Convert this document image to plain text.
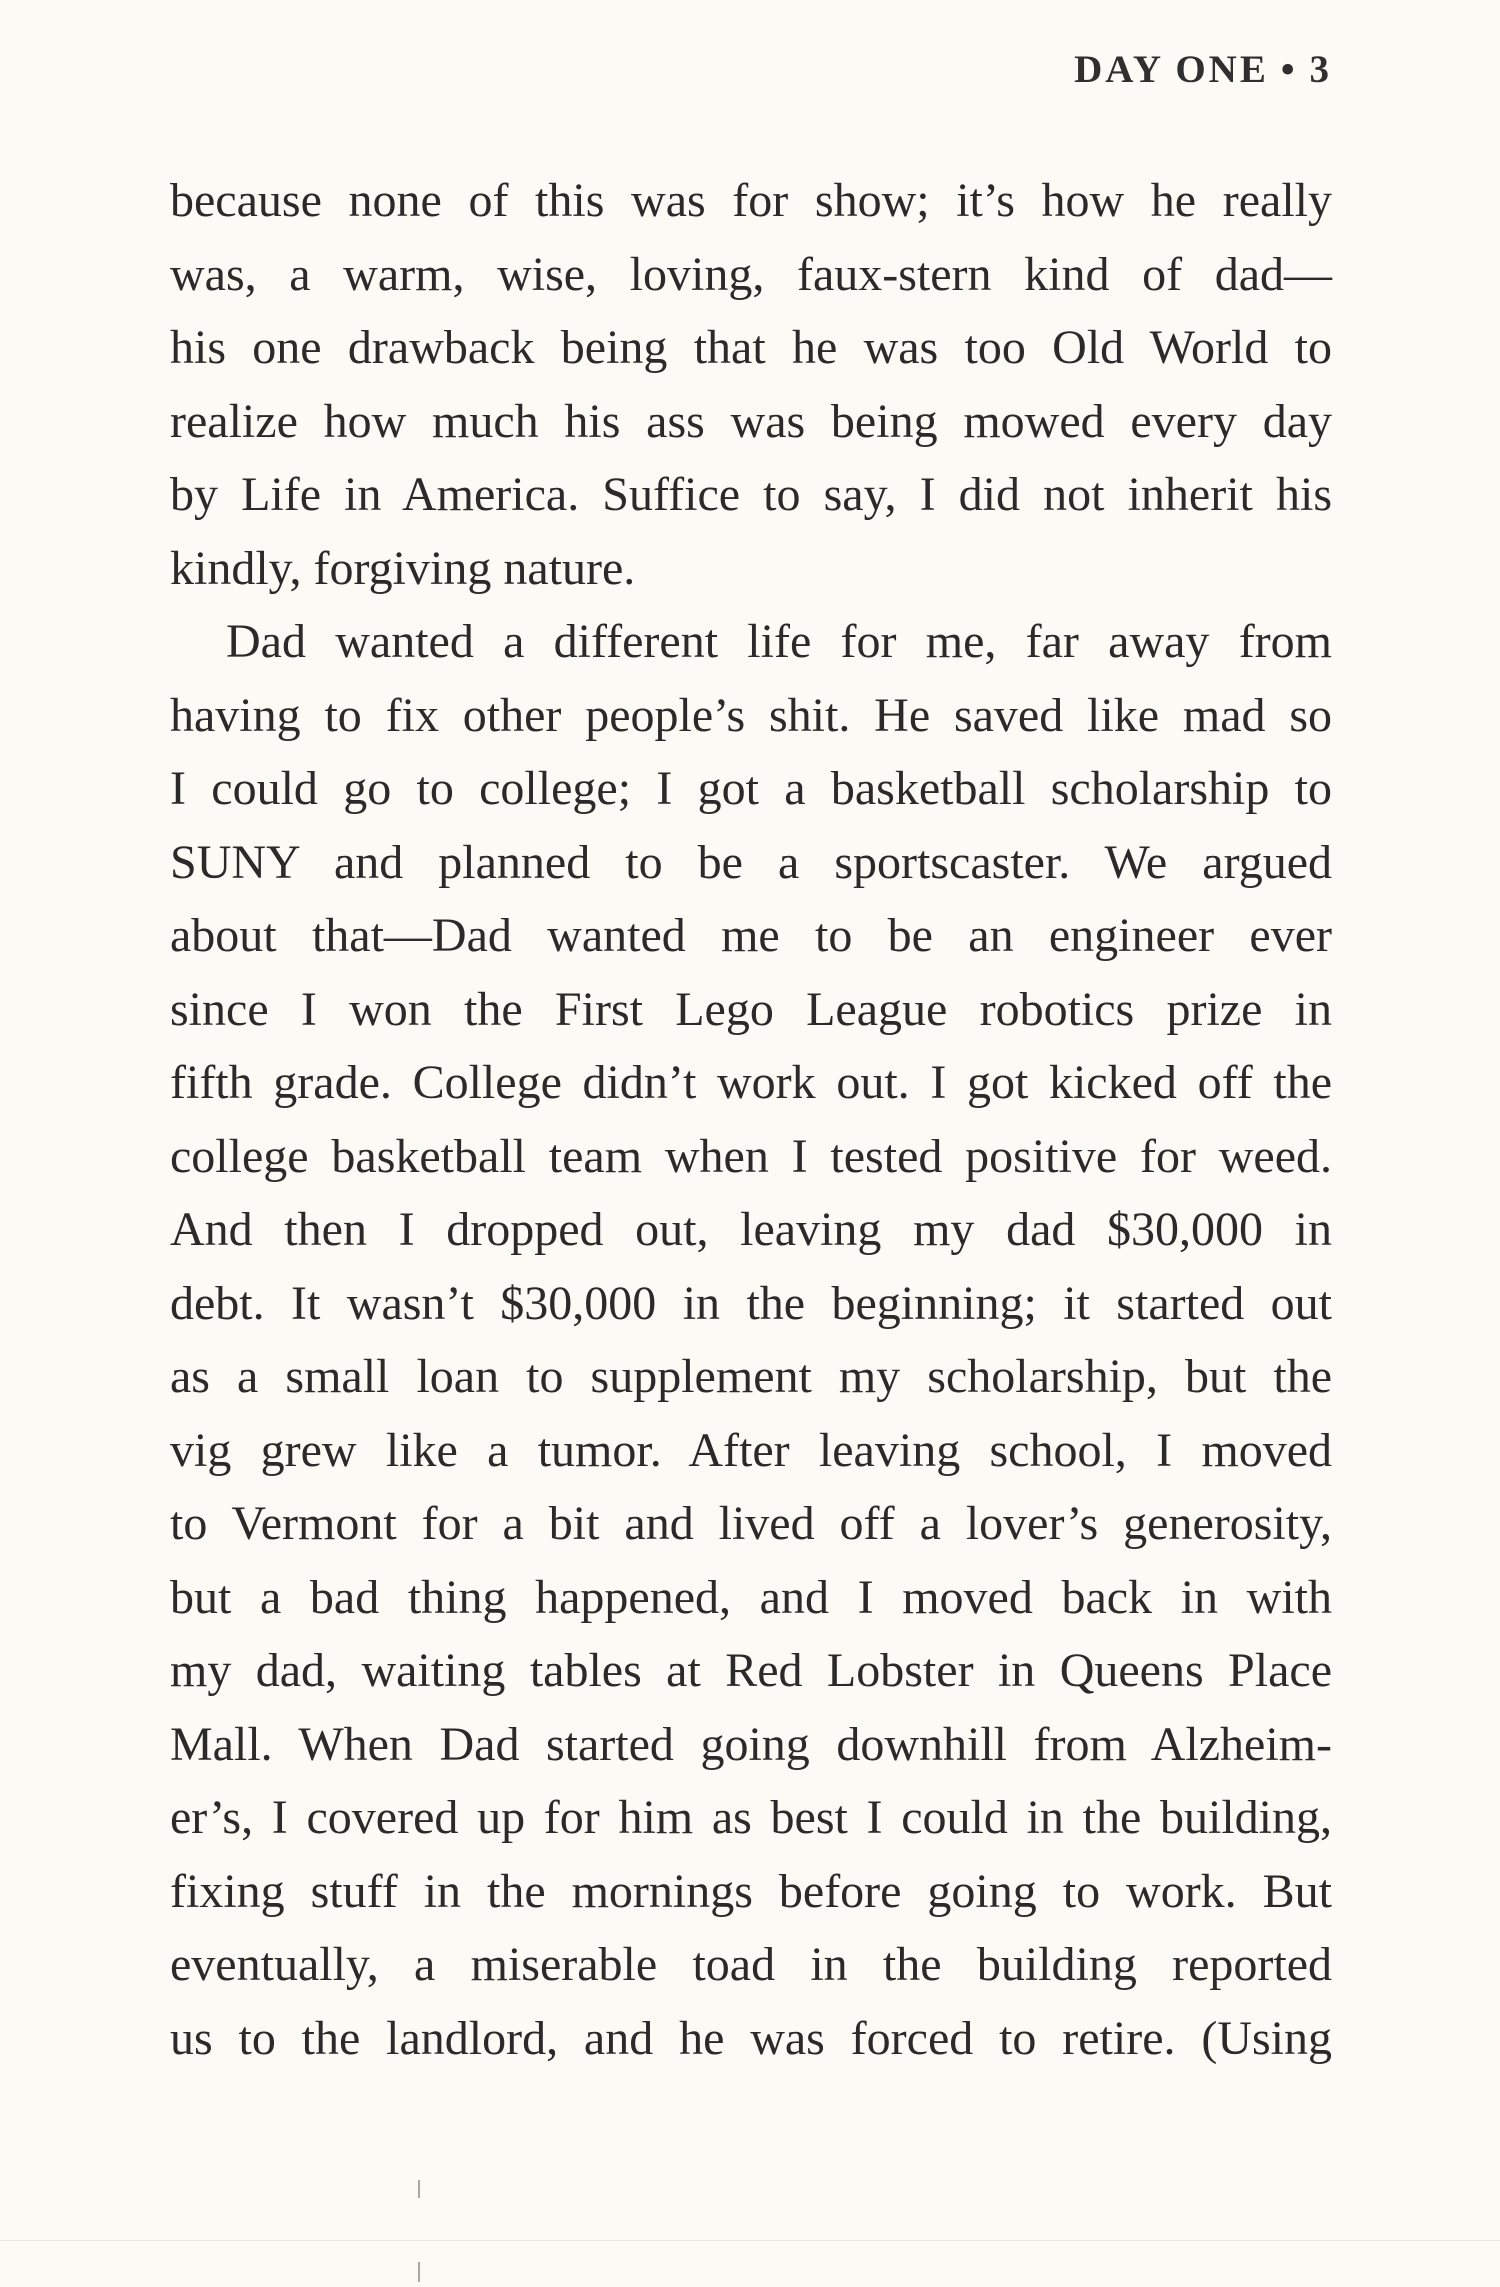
DAY ONE • 3
because none of this was for show; it’s how he really
was, a warm, wise, loving, faux-stern kind of dad—
his one drawback being that he was too Old World to
realize how much his ass was being mowed every day
by Life in America. Suffice to say, I did not inherit his
kindly, forgiving nature.
Dad wanted a different life for me, far away from
having to fix other people’s shit. He saved like mad so
I could go to college; I got a basketball scholarship to
SUNY and planned to be a sportscaster. We argued
about that—Dad wanted me to be an engineer ever
since I won the First Lego League robotics prize in
fifth grade. College didn’t work out. I got kicked off the
college basketball team when I tested positive for weed.
And then I dropped out, leaving my dad $30,000 in
debt. It wasn’t $30,000 in the beginning; it started out
as a small loan to supplement my scholarship, but the
vig grew like a tumor. After leaving school, I moved
to Vermont for a bit and lived off a lover’s generosity,
but a bad thing happened, and I moved back in with
my dad, waiting tables at Red Lobster in Queens Place
Mall. When Dad started going downhill from Alzheim-
er’s, I covered up for him as best I could in the building,
fixing stuff in the mornings before going to work. But
eventually, a miserable toad in the building reported
us to the landlord, and he was forced to retire. (Using
